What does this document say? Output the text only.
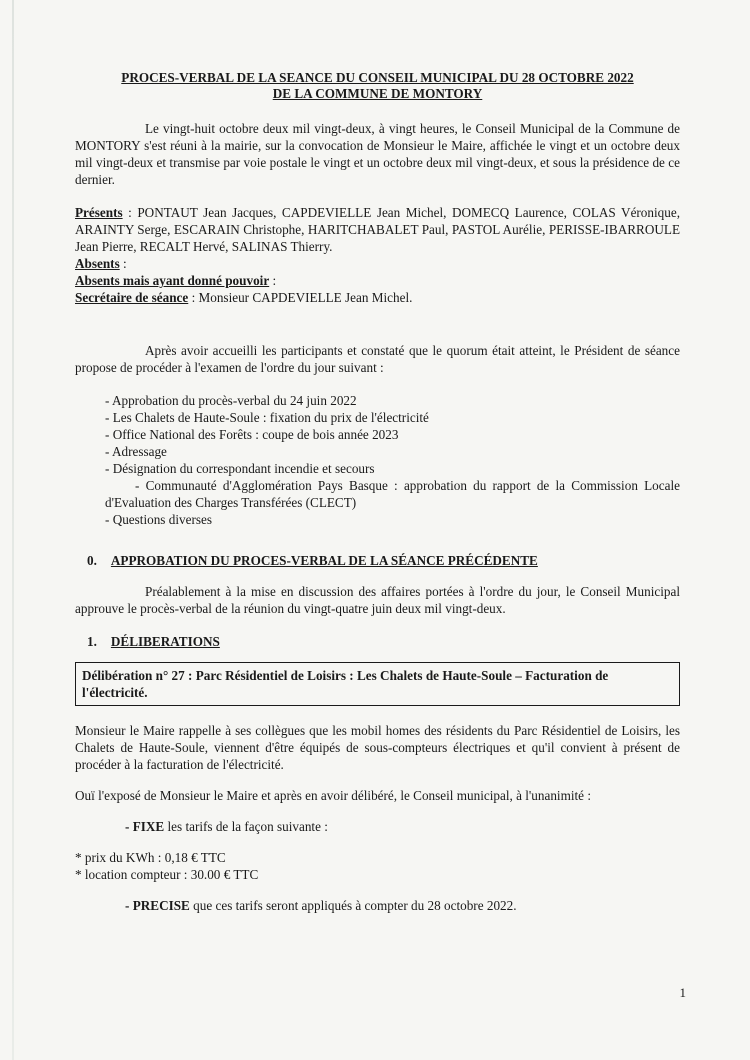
PROCES-VERBAL DE LA SEANCE DU CONSEIL MUNICIPAL DU 28 OCTOBRE 2022
DE LA COMMUNE DE MONTORY

Le vingt-huit octobre deux mil vingt-deux, à vingt heures, le Conseil Municipal de la Commune de MONTORY s'est réuni à la mairie, sur la convocation de Monsieur le Maire, affichée le vingt et un octobre deux mil vingt-deux et transmise par voie postale le vingt et un octobre deux mil vingt-deux, et sous la présidence de ce dernier.

Présents : PONTAUT Jean Jacques, CAPDEVIELLE Jean Michel, DOMECQ Laurence, COLAS Véronique, ARAINTY Serge, ESCARAIN Christophe, HARITCHABALET Paul, PASTOL Aurélie, PERISSE-IBARROULE Jean Pierre, RECALT Hervé, SALINAS Thierry.

Absents :

Absents mais ayant donné pouvoir :

Secrétaire de séance : Monsieur CAPDEVIELLE Jean Michel.

Après avoir accueilli les participants et constaté que le quorum était atteint, le Président de séance propose de procéder à l'examen de l'ordre du jour suivant :

- Approbation du procès-verbal du 24 juin 2022
- Les Chalets de Haute-Soule : fixation du prix de l'électricité
- Office National des Forêts : coupe de bois année 2023
- Adressage
- Désignation du correspondant incendie et secours
- Communauté d'Agglomération Pays Basque : approbation du rapport de la Commission Locale d'Evaluation des Charges Transférées (CLECT)
- Questions diverses
0. APPROBATION DU PROCES-VERBAL DE LA SÉANCE PRÉCÉDENTE

Préalablement à la mise en discussion des affaires portées à l'ordre du jour, le Conseil Municipal approuve le procès-verbal de la réunion du vingt-quatre juin deux mil vingt-deux.

1. DÉLIBERATIONS
Délibération n° 27 : Parc Résidentiel de Loisirs : Les Chalets de Haute-Soule – Facturation de l'électricité.

Monsieur le Maire rappelle à ses collègues que les mobil homes des résidents du Parc Résidentiel de Loisirs, les Chalets de Haute-Soule, viennent d'être équipés de sous-compteurs électriques et qu'il convient à présent de procéder à la facturation de l'électricité.

Ouï l'exposé de Monsieur le Maire et après en avoir délibéré, le Conseil municipal, à l'unanimité :

- FIXE les tarifs de la façon suivante :

* prix du KWh : 0,18 € TTC
* location compteur : 30.00 € TTC

- PRECISE que ces tarifs seront appliqués à compter du 28 octobre 2022.

1
